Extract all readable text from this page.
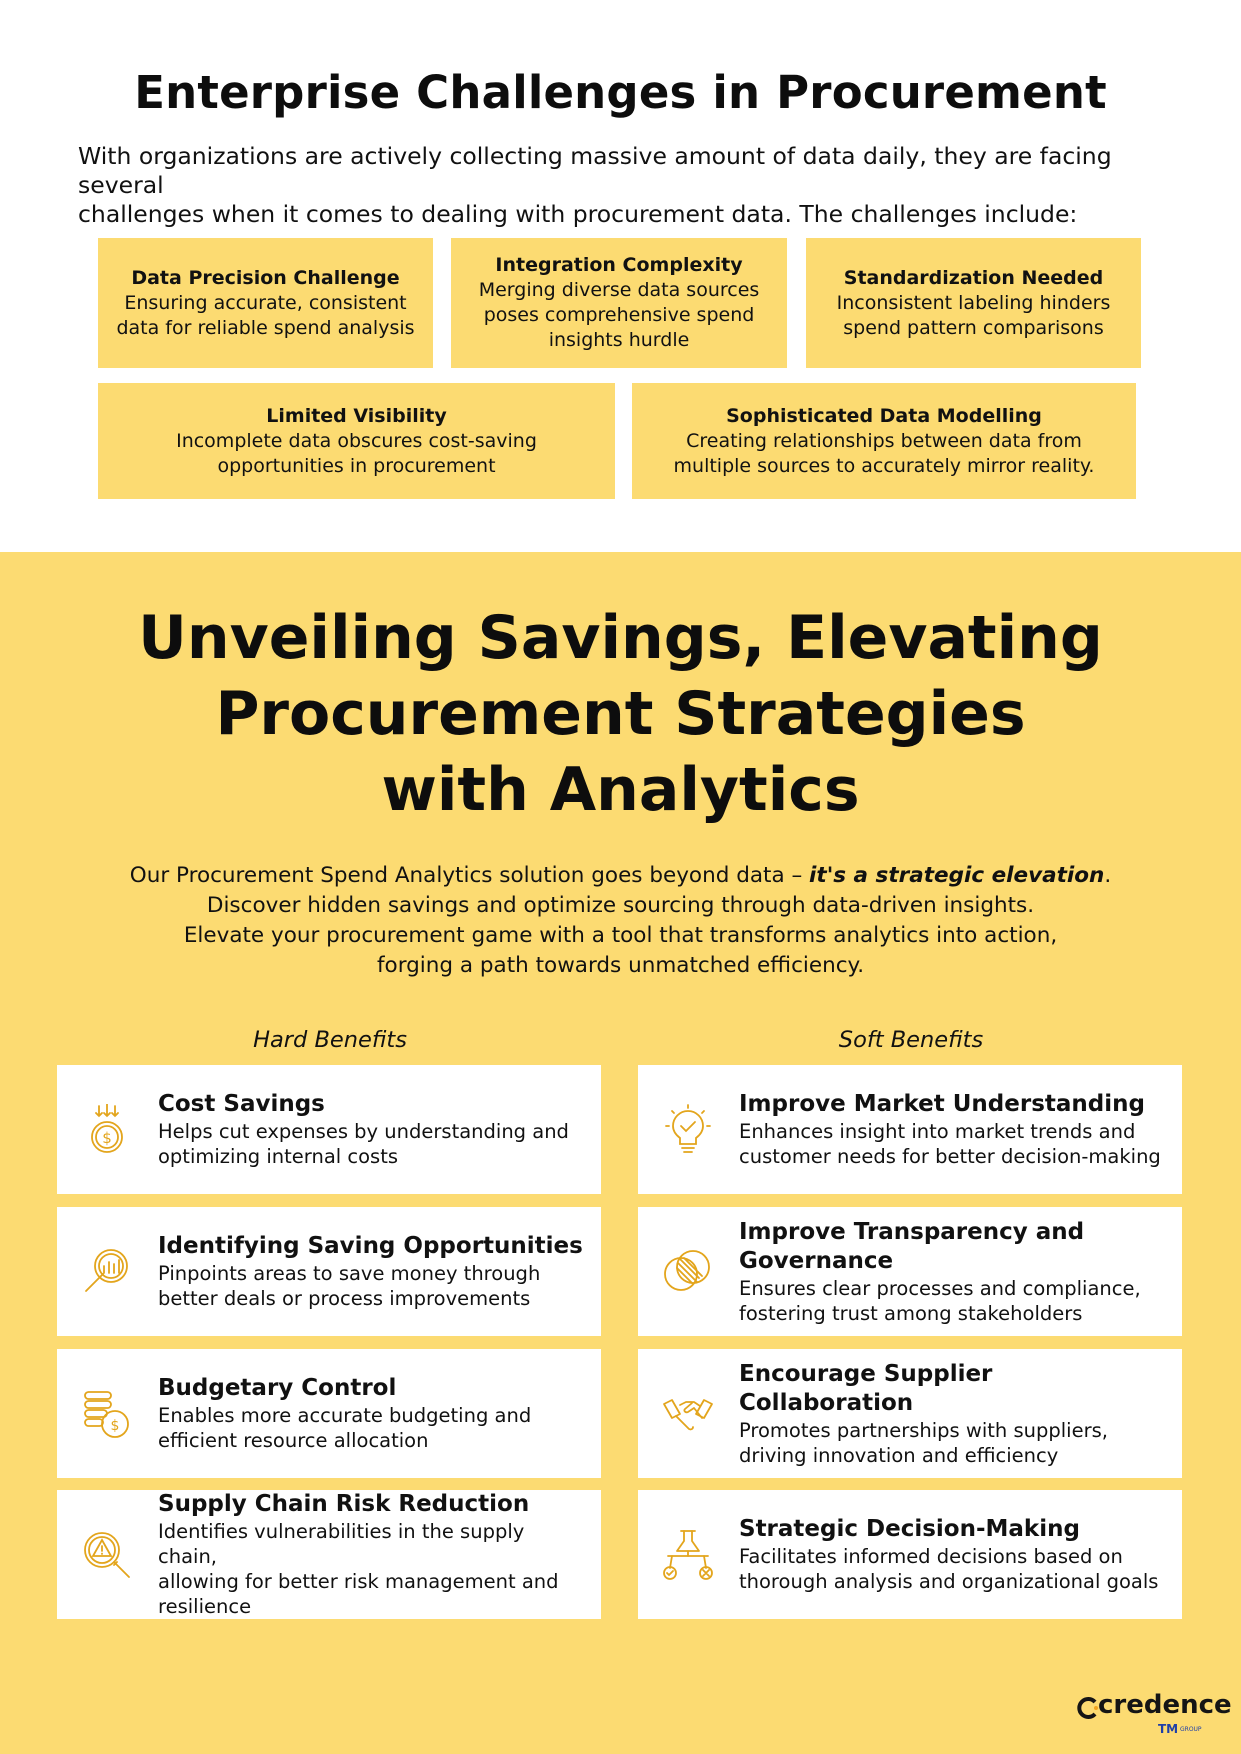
Enterprise Challenges in Procurement

With organizations are actively collecting massive amount of data daily, they are facing several
challenges when it comes to dealing with procurement data. The challenges include:

Data Precision Challenge
Ensuring accurate, consistent
data for reliable spend analysis
Integration Complexity
Merging diverse data sources
poses comprehensive spend
insights hurdle
Standardization Needed
Inconsistent labeling hinders
spend pattern comparisons
Limited Visibility
Incomplete data obscures cost-saving
opportunities in procurement
Sophisticated Data Modelling
Creating relationships between data from
multiple sources to accurately mirror reality.
Unveiling Savings, Elevating
Procurement Strategies
with Analytics

Our Procurement Spend Analytics solution goes beyond data – it's a strategic elevation.
Discover hidden savings and optimize sourcing through data-driven insights.
Elevate your procurement game with a tool that transforms analytics into action,
forging a path towards unmatched efficiency.

Hard Benefits	Soft Benefits
$
Cost Savings
Helps cut expenses by understanding and
optimizing internal costs
Identifying Saving Opportunities
Pinpoints areas to save money through
better deals or process improvements
$
Budgetary Control
Enables more accurate budgeting and
efficient resource allocation
Supply Chain Risk Reduction
Identifies vulnerabilities in the supply chain,
allowing for better risk management and
resilience
Improve Market Understanding
Enhances insight into market trends and
customer needs for better decision-making
Improve Transparency and
Governance
Ensures clear processes and compliance,
fostering trust among stakeholders
Encourage Supplier Collaboration
Promotes partnerships with suppliers,
driving innovation and efficiency
Strategic Decision-Making
Facilitates informed decisions based on
thorough analysis and organizational goals
credence
TM GROUP
